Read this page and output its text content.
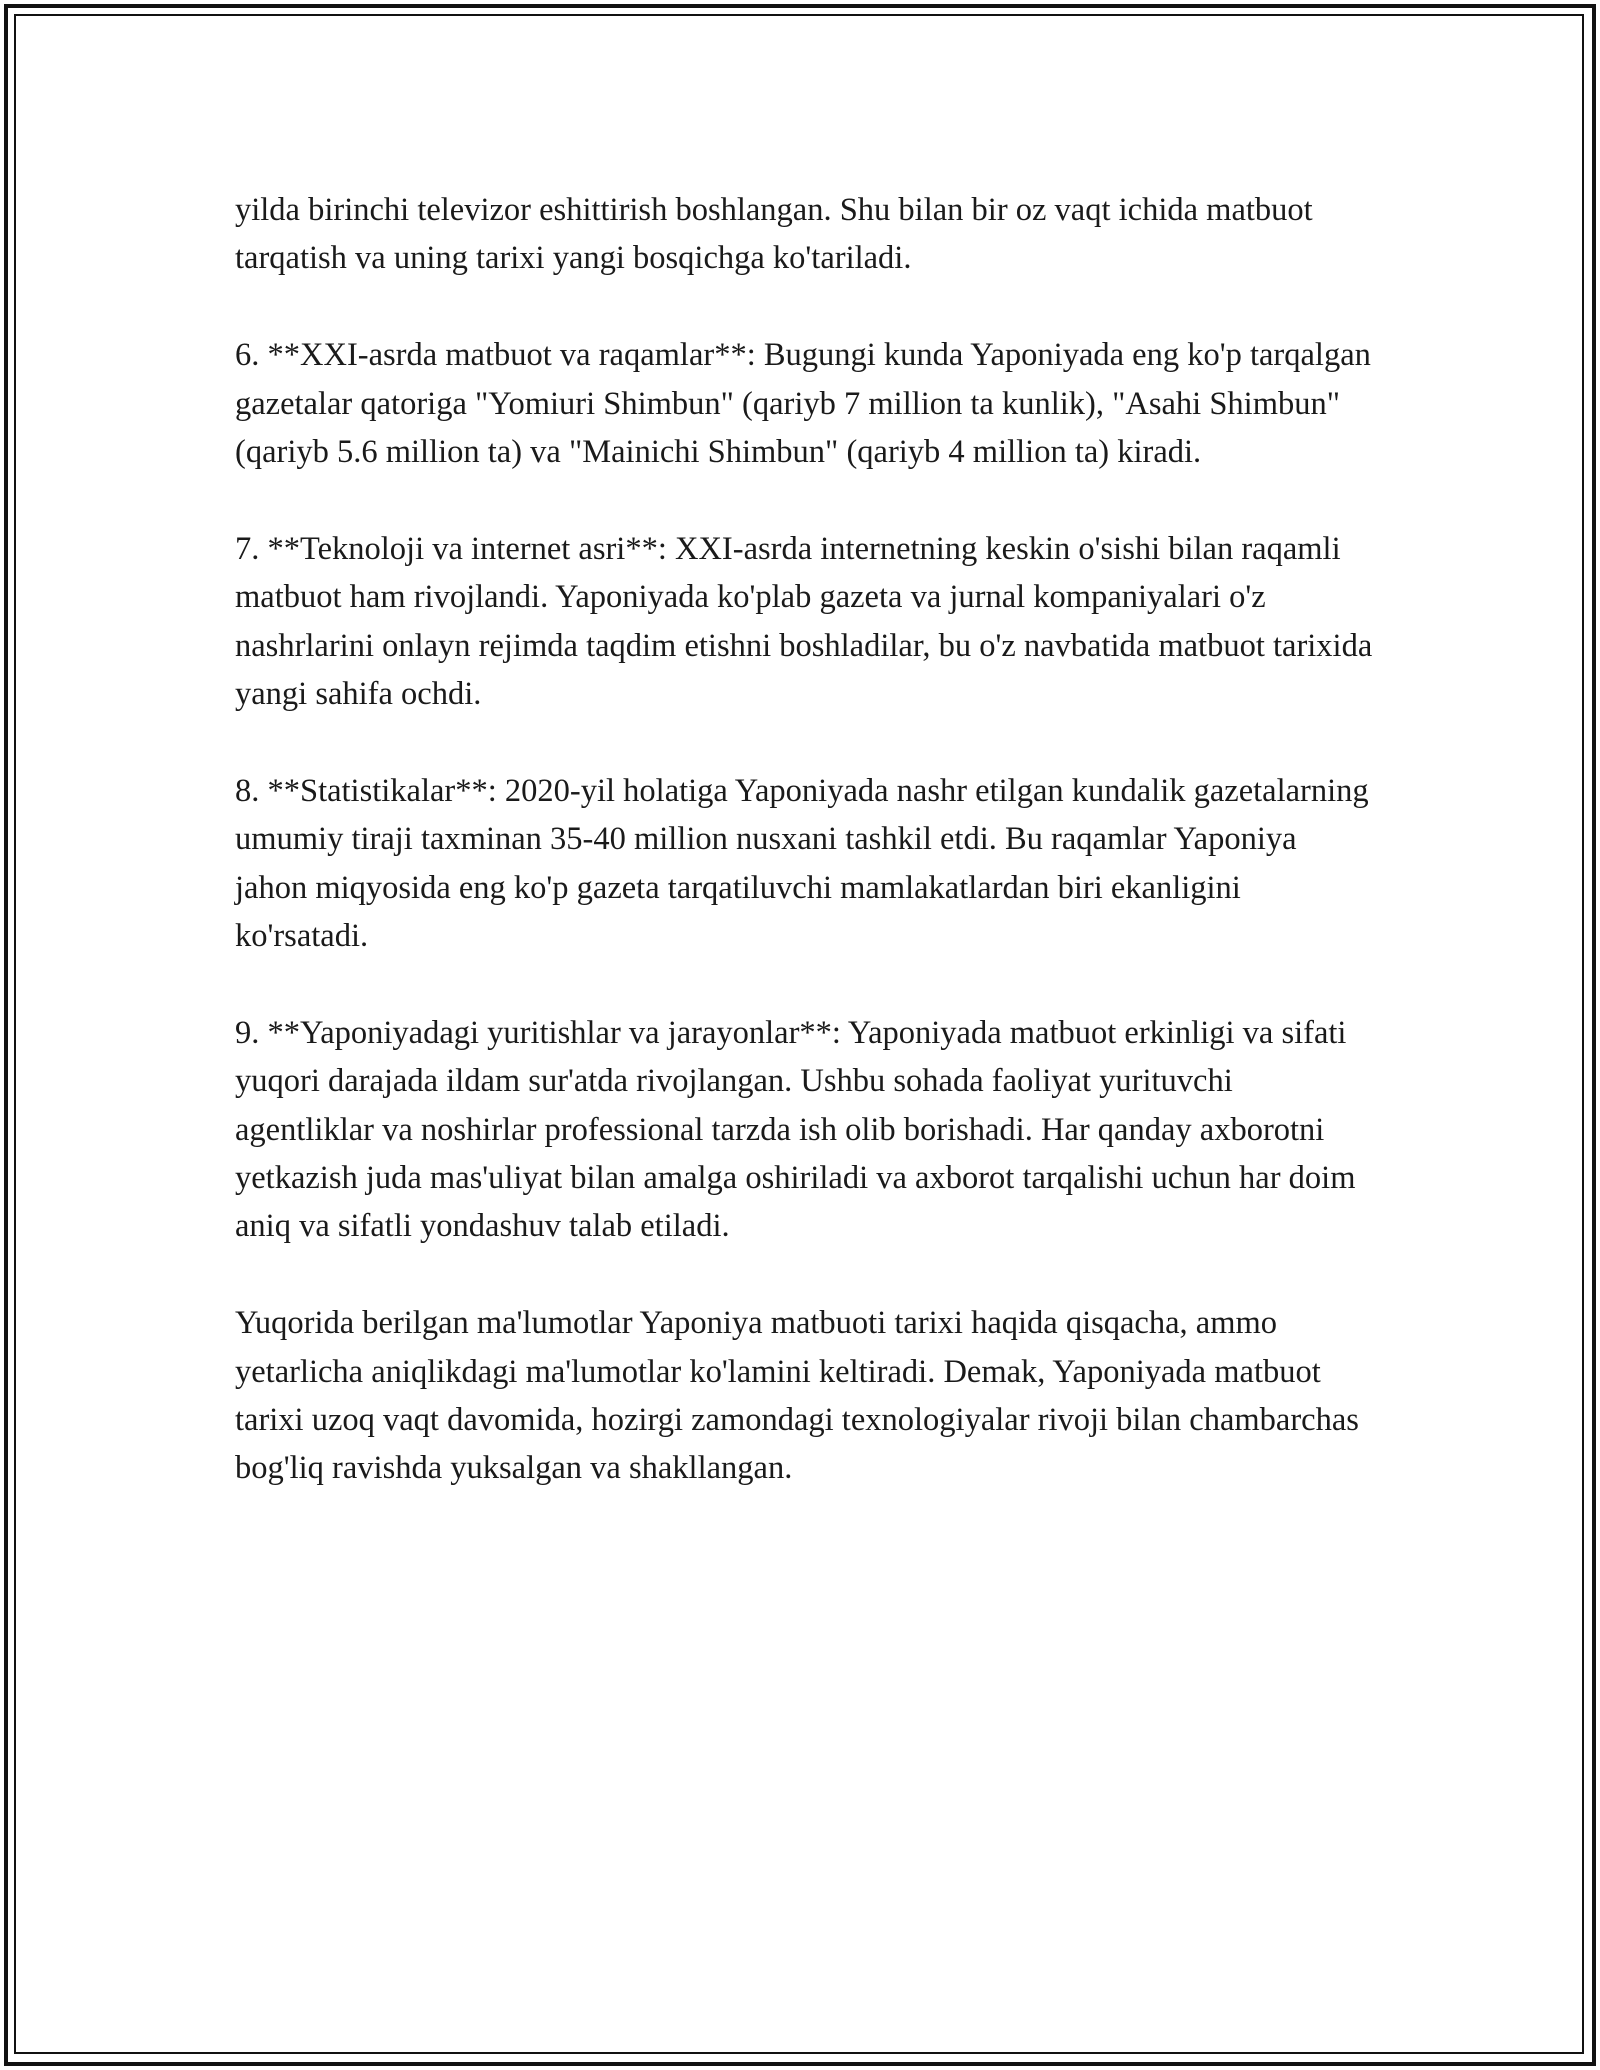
yilda birinchi televizor eshittirish boshlangan. Shu bilan bir oz vaqt ichida matbuot tarqatish va uning tarixi yangi bosqichga ko'tariladi.

6. **XXI-asrda matbuot va raqamlar**: Bugungi kunda Yaponiyada eng ko'p tarqalgan gazetalar qatoriga "Yomiuri Shimbun" (qariyb 7 million ta kunlik), "Asahi Shimbun" (qariyb 5.6 million ta) va "Mainichi Shimbun" (qariyb 4 million ta) kiradi.

7. **Teknoloji va internet asri**: XXI-asrda internetning keskin o'sishi bilan raqamli matbuot ham rivojlandi. Yaponiyada ko'plab gazeta va jurnal kompaniyalari o'z nashrlarini onlayn rejimda taqdim etishni boshladilar, bu o'z navbatida matbuot tarixida yangi sahifa ochdi.

8. **Statistikalar**: 2020-yil holatiga Yaponiyada nashr etilgan kundalik gazetalarning umumiy tiraji taxminan 35-40 million nusxani tashkil etdi. Bu raqamlar Yaponiya jahon miqyosida eng ko'p gazeta tarqatiluvchi mamlakatlardan biri ekanligini ko'rsatadi.

9. **Yaponiyadagi yuritishlar va jarayonlar**: Yaponiyada matbuot erkinligi va sifati yuqori darajada ildam sur'atda rivojlangan. Ushbu sohada faoliyat yurituvchi agentliklar va noshirlar professional tarzda ish olib borishadi. Har qanday axborotni yetkazish juda mas'uliyat bilan amalga oshiriladi va axborot tarqalishi uchun har doim aniq va sifatli yondashuv talab etiladi.

Yuqorida berilgan ma'lumotlar Yaponiya matbuoti tarixi haqida qisqacha, ammo yetarlicha aniqlikdagi ma'lumotlar ko'lamini keltiradi. Demak, Yaponiyada matbuot tarixi uzoq vaqt davomida, hozirgi zamondagi texnologiyalar rivoji bilan chambarchas bog'liq ravishda yuksalgan va shakllangan.
